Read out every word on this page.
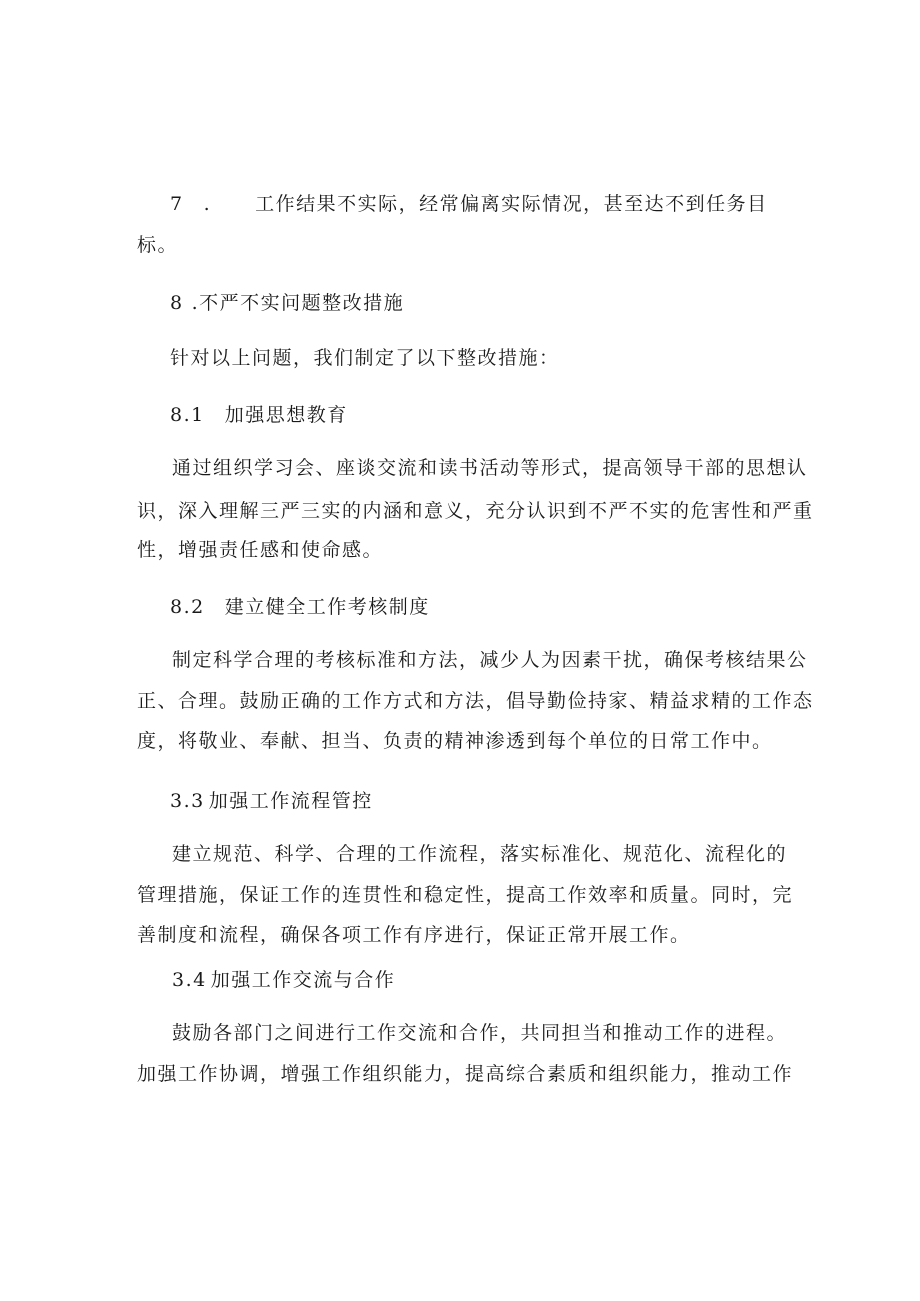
7 . 工作结果不实际，经常偏离实际情况，甚至达不到任务目
标。
8 .不严不实问题整改措施
针对以上问题，我们制定了以下整改措施：
8.1 加强思想教育
通过组织学习会、座谈交流和读书活动等形式，提高领导干部的思想认
识，深入理解三严三实的内涵和意义，充分认识到不严不实的危害性和严重
性，增强责任感和使命感。
8.2 建立健全工作考核制度
制定科学合理的考核标准和方法，减少人为因素干扰，确保考核结果公
正、合理。鼓励正确的工作方式和方法，倡导勤俭持家、精益求精的工作态
度，将敬业、奉献、担当、负责的精神渗透到每个单位的日常工作中。
3.3 加强工作流程管控
建立规范、科学、合理的工作流程，落实标准化、规范化、流程化的
管理措施，保证工作的连贯性和稳定性，提高工作效率和质量。同时，完
善制度和流程，确保各项工作有序进行，保证正常开展工作。
3.4 加强工作交流与合作
鼓励各部门之间进行工作交流和合作，共同担当和推动工作的进程。
加强工作协调，增强工作组织能力，提高综合素质和组织能力，推动工作
